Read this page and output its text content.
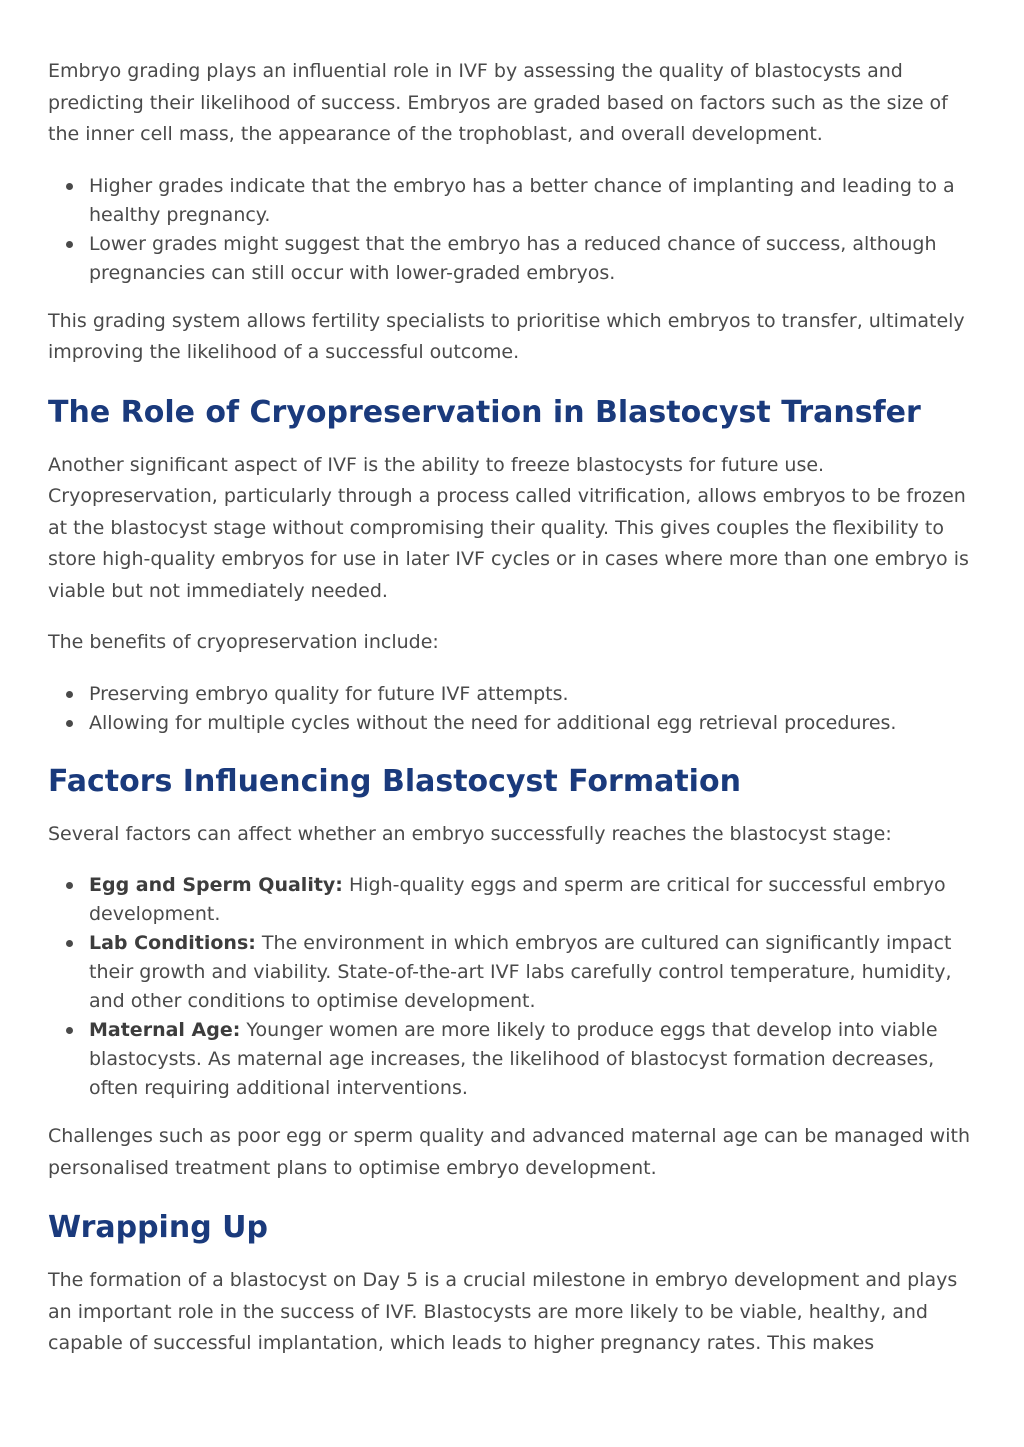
Embryo grading plays an influential role in IVF by assessing the quality of blastocysts and predicting their likelihood of success. Embryos are graded based on factors such as the size of the inner cell mass, the appearance of the trophoblast, and overall development.

Higher grades indicate that the embryo has a better chance of implanting and leading to a healthy pregnancy.
Lower grades might suggest that the embryo has a reduced chance of success, although pregnancies can still occur with lower-graded embryos.

This grading system allows fertility specialists to prioritise which embryos to transfer, ultimately improving the likelihood of a successful outcome.

The Role of Cryopreservation in Blastocyst Transfer

Another significant aspect of IVF is the ability to freeze blastocysts for future use. Cryopreservation, particularly through a process called vitrification, allows embryos to be frozen at the blastocyst stage without compromising their quality. This gives couples the flexibility to store high-quality embryos for use in later IVF cycles or in cases where more than one embryo is viable but not immediately needed.

The benefits of cryopreservation include:

Preserving embryo quality for future IVF attempts.
Allowing for multiple cycles without the need for additional egg retrieval procedures.
Factors Influencing Blastocyst Formation

Several factors can affect whether an embryo successfully reaches the blastocyst stage:

Egg and Sperm Quality: High-quality eggs and sperm are critical for successful embryo development.
Lab Conditions: The environment in which embryos are cultured can significantly impact their growth and viability. State-of-the-art IVF labs carefully control temperature, humidity, and other conditions to optimise development.
Maternal Age: Younger women are more likely to produce eggs that develop into viable blastocysts. As maternal age increases, the likelihood of blastocyst formation decreases, often requiring additional interventions.

Challenges such as poor egg or sperm quality and advanced maternal age can be managed with personalised treatment plans to optimise embryo development.

Wrapping Up

The formation of a blastocyst on Day 5 is a crucial milestone in embryo development and plays an important role in the success of IVF. Blastocysts are more likely to be viable, healthy, and capable of successful implantation, which leads to higher pregnancy rates. This makes
